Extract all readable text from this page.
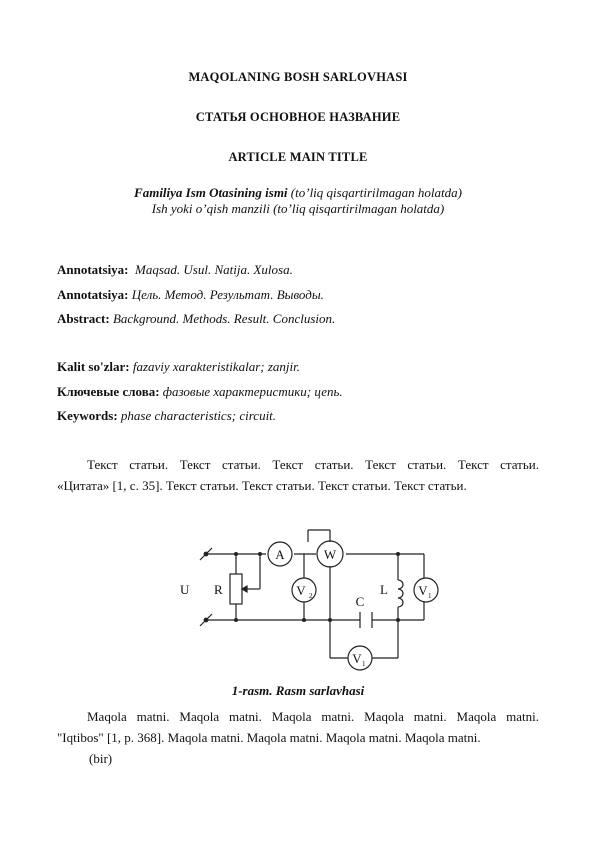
MAQOLANING BOSH SARLOVHASI
СТАТЬЯ ОСНОВНОЕ НАЗВАНИЕ
ARTICLE MAIN TITLE
Familiya Ism Otasining ismi (to’liq qisqartirilmagan holatda)
Ish yoki o’qish manzili (to’liq qisqartirilmagan holatda)
Annotatsiya: Maqsad. Usul. Natija. Xulosa.
Annotatsiya: Цель. Метод. Результат. Выводы.
Abstract: Background. Methods. Result. Conclusion.
Kalit so'zlar: fazaviy xarakteristikalar; zanjir.
Ключевые слова: фазовые характеристики; цепь.
Keywords: phase characteristics; circuit.
Текст статьи. Текст статьи. Текст статьи. Текст статьи. Текст статьи.
«Цитата» [1, с. 35]. Текст статьи. Текст статьи. Текст статьи. Текст статьи.
U R
A	W
V 2	L
C
V 1
V 1
1-rasm. Rasm sarlavhasi
Maqola matni. Maqola matni. Maqola matni. Maqola matni. Maqola matni.
"Iqtibos" [1, p. 368]. Maqola matni. Maqola matni. Maqola matni. Maqola matni.
(bir)
